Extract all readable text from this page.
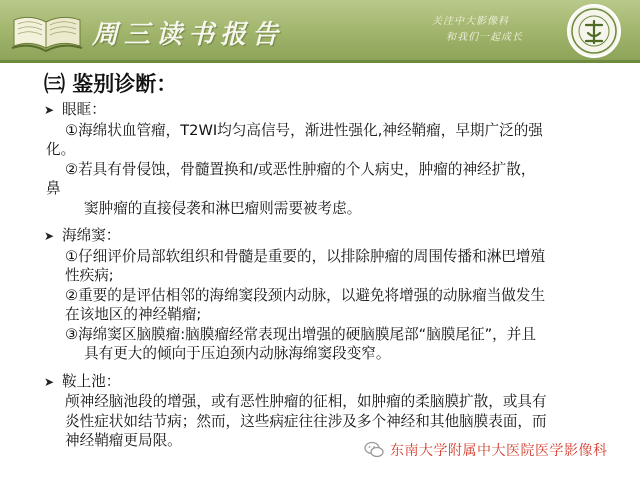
周三读书报告	关注中大影像科
和我们一起成长
㈢ 鉴别诊断：
➤ 眼眶：
①海绵状血管瘤，T2WI均匀高信号，渐进性强化,神经鞘瘤，早期广泛的强
化。
②若具有骨侵蚀，骨髓置换和/或恶性肿瘤的个人病史，肿瘤的神经扩散，
鼻
窦肿瘤的直接侵袭和淋巴瘤则需要被考虑。
➤ 海绵窦：
①仔细评价局部软组织和骨髓是重要的，以排除肿瘤的周围传播和淋巴增殖
性疾病;
②重要的是评估相邻的海绵窦段颈内动脉，以避免将增强的动脉瘤当做发生
在该地区的神经鞘瘤;
③海绵窦区脑膜瘤:脑膜瘤经常表现出增强的硬脑膜尾部“脑膜尾征”，并且
具有更大的倾向于压迫颈内动脉海绵窦段变窄。
➤ 鞍上池：
颅神经脑池段的增强，或有恶性肿瘤的征相，如肿瘤的柔脑膜扩散，或具有
炎性症状如结节病；然而，这些病症往往涉及多个神经和其他脑膜表面，而
神经鞘瘤更局限。
东南大学附属中大医院医学影像科
